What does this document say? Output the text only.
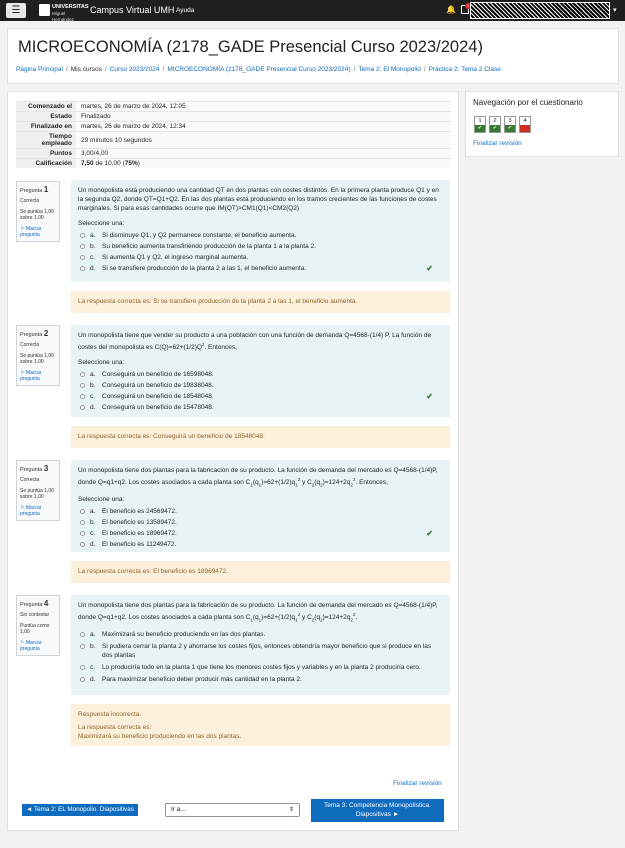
☰	UNIVERSITAS
Miguel Hernández
Campus Virtual UMH Ayuda	🔔	1
▾
MICROECONOMÍA (2178_GADE Presencial Curso 2023/2024)
Página Principal / Mis cursos / Curso 2023/2024 / MICROECONOMÍA (2178_GADE Presencial Curso 2023/2024) / Tema 2: El Monopolio / Práctica 2: Tema 2 Clase
Comenzado el	martes, 26 de marzo de 2024, 12:05
Estado	Finalizado
Finalizado en	martes, 26 de marzo de 2024, 12:34
Tiempo empleado	29 minutos 10 segundos
Puntos	3,00/4,00
Calificación	7,50 de 10,00 (75%)
Pregunta 1
Correcta
Se puntúa 1,00 sobre 1,00
⚐ Marcar pregunta

Un monopolista está produciendo una cantidad QT en dos plantas con costes distintos. En la primera planta produce Q1 y en la segunda Q2, donde QT=Q1+Q2. En las dos plantas está produciendo en los tramos crecientes de las funciones de costes marginales. Si para esas cantidades ocurre que IM(QT)>CM1(Q1)<CM2(Q2)

Seleccione una:

a. Si disminuye Q1, y Q2 permanece constante, el beneficio aumenta.
b. Su beneficio aumenta transfiriendo producción de la planta 1 a la planta 2.
c. Si aumenta Q1 y Q2, el ingreso marginal aumenta.
d. Si se transfiere producción de la planta 2 a las 1, el beneficio aumenta.	✔
La respuesta correcta es: Si se transfiere producción de la planta 2 a las 1, el beneficio aumenta.
Pregunta 2
Correcta
Se puntúa 1,00 sobre 1,00
⚐ Marcar pregunta

Un monopolista tiene que vender su producto a una población con una función de demanda Q=4568-(1/4) P. La función de costes del monopolista es $C(Q)=62+(1/2)Q^2$. Entonces,

Seleccione una:

a. Conseguirá un beneficio de 16598048.
b. Conseguirá un beneficio de 19838048.
c. Conseguirá un beneficio de 18548048.	✔
d. Conseguirá un beneficio de 15478048.
La respuesta correcta es: Conseguirá un beneficio de 18548048.
Pregunta 3
Correcta
Se puntúa 1,00 sobre 1,00
⚐ Marcar pregunta

Un monopolista tiene dos plantas para la fabricación de su producto. La función de demanda del mercado es Q=4568-(1/4)P, donde Q=q1+q2. Los costes asociados a cada planta son $C_1(q_1)=62+(1/2)q_1^2$ y $C_2(q_2)=124+2q_2^2$. Entonces,

Seleccione una:

a. El beneficio es 24569472.
b. El beneficio es 13589472.
c. El beneficio es 18969472.	✔
d. El beneficio es 11249472.
La respuesta correcta es: El beneficio es 18969472.
Pregunta 4
Sin contestar
Puntúa como 1,00
⚐ Marcar pregunta

Un monopolista tiene dos plantas para la fabricación de su producto. La función de demanda del mercado es Q=4568-(1/4)P, donde Q=q1+q2. Los costes asociados a cada planta son $C_1(q_1)=62+(1/2)q_1^2$ y $C_2(q_2)=124+2q_2^2$.

a.	Maximizará su beneficio produciendo en las dos plantas.
b.	Si pudiera cerrar la planta 2 y ahorrarse los costes fijos, entonces obtendría mayor beneficio que si produce en las dos plantas
c.	Lo produciría todo en la planta 1 que tiene los menores costes fijos y variables y en la planta 2 produciría cero.
d.	Para maximizar beneficio deber producir más cantidad en la planta 2.
Respuesta incorrecta.
La respuesta correcta es:
Maximizará su beneficio produciendo en las dos plantas.
Finalizar revisión
◄ Tema 2: EL Monopolio. Diapositivas	Ir a...	⇕
Tema 3: Competencia Monopolística.
Diapositivas ►
Navegación por el cuestionario
1
✔
2
✔
3
✔
4
Finalizar revisión
